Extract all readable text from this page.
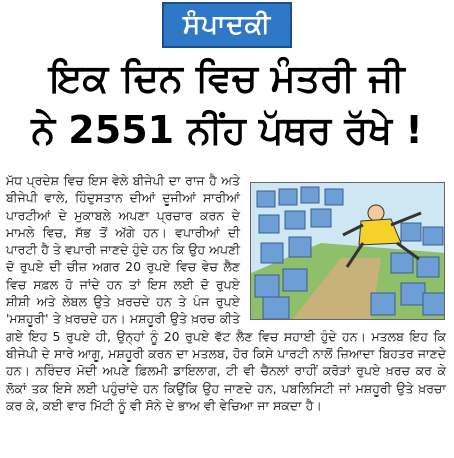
ਸੰਪਾਦਕੀ
ਇਕ ਦਿਨ ਵਿਚ ਮੰਤਰੀ ਜੀ
ਨੇ 2551 ਨੀਂਹ ਪੱਥਰ ਰੱਖੇ !

ਮੱਧ ਪ੍ਰਦੇਸ਼ ਵਿਚ ਇਸ ਵੇਲੇ ਬੀਜੇਪੀ ਦਾ ਰਾਜ ਹੈ ਅਤੇ ਬੀਜੇਪੀ ਵਾਲੇ, ਹਿੰਦੁਸਤਾਨ ਦੀਆਂ ਦੂਜੀਆਂ ਸਾਰੀਆਂ ਪਾਰਟੀਆਂ ਦੇ ਮੁਕਾਬਲੇ ਅਪਣਾ ਪ੍ਰਚਾਰ ਕਰਨ ਦੇ ਮਾਮਲੇ ਵਿਚ, ਸੱਭ ਤੋਂ ਅੱਗੇ ਹਨ। ਵਪਾਰੀਆਂ ਦੀ ਪਾਰਟੀ ਹੈ ਤੇ ਵਪਾਰੀ ਜਾਣਦੇ ਹੁੰਦੇ ਹਨ ਕਿ ਉਹ ਅਪਣੀ ਦੋ ਰੁਪਏ ਦੀ ਚੀਜ਼ ਅਗਰ 20 ਰੁਪਏ ਵਿਚ ਵੇਚ ਲੈਣ ਵਿਚ ਸਫ਼ਲ ਹੋ ਜਾਂਦੇ ਹਨ ਤਾਂ ਇਸ ਲਈ ਦੋ ਰੁਪਏ ਸ਼ੀਸ਼ੀ ਅਤੇ ਲੇਬਲ ਉਤੇ ਖ਼ਰਚਦੇ ਹਨ ਤੇ ਪੰਜ ਰੁਪਏ 'ਮਸ਼ਹੂਰੀ' ਤੇ ਖ਼ਰਚਦੇ ਹਨ। ਮਸ਼ਹੂਰੀ ਉਤੇ ਖ਼ਰਚ ਕੀਤੇ ਗਏ ਇਹ 5 ਰੁਪਏ ਹੀ, ਉਨ੍ਹਾਂ ਨੂੰ 20 ਰੁਪਏ ਵੱਟ ਲੈਣ ਵਿਚ ਸਹਾਈ ਹੁੰਦੇ ਹਨ। ਮਤਲਬ ਇਹ ਕਿ ਬੀਜੇਪੀ ਦੇ ਸਾਰੇ ਆਗੂ, ਮਸ਼ਹੂਰੀ ਕਰਨ ਦਾ ਮਤਲਬ, ਹੋਰ ਕਿਸੇ ਪਾਰਟੀ ਨਾਲੋਂ ਜ਼ਿਆਦਾ ਬਿਹਤਰ ਜਾਣਦੇ ਹਨ। ਨਰਿੰਦਰ ਮੋਦੀ ਅਪਣੇ ਫ਼ਿਲਮੀ ਡਾਇਲਾਗ, ਟੀ ਵੀ ਚੈਨਲਾਂ ਰਾਹੀਂ ਕਰੋੜਾਂ ਰੁਪਏ ਖ਼ਰਚ ਕਰ ਕੇ ਲੋਕਾਂ ਤਕ ਇਸੇ ਲਈ ਪਹੁੰਚਾਂਦੇ ਹਨ ਕਿਉਂਕਿ ਉਹ ਜਾਣਦੇ ਹਨ, ਪਬਲਿਸਿਟੀ ਜਾਂ ਮਸ਼ਹੂਰੀ ਉਤੇ ਖ਼ਰਚਾ ਕਰ ਕੇ, ਕਈ ਵਾਰ ਮਿੱਟੀ ਨੂੰ ਵੀ ਸੋਨੇ ਦੇ ਭਾਅ ਵੀ ਵੇਚਿਆ ਜਾ ਸਕਦਾ ਹੈ।
